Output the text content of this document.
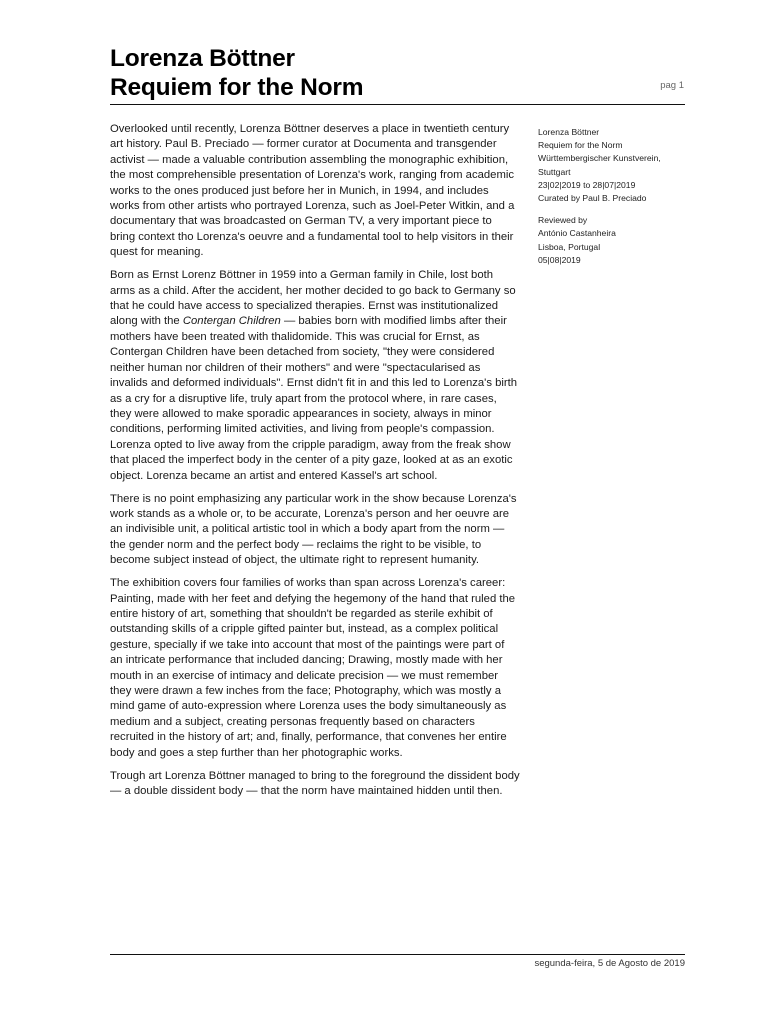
Lorenza Böttner
Requiem for the Norm	pag 1

Overlooked until recently, Lorenza Böttner deserves a place in twentieth century art history. Paul B. Preciado — former curator at Documenta and transgender activist — made a valuable contribution assembling the monographic exhibition, the most comprehensible presentation of Lorenza's work, ranging from academic works to the ones produced just before her in Munich, in 1994, and includes works from other artists who portrayed Lorenza, such as Joel-Peter Witkin, and a documentary that was broadcasted on German TV, a very important piece to bring context tho Lorenza's oeuvre and a fundamental tool to help visitors in their quest for meaning.

Born as Ernst Lorenz Böttner in 1959 into a German family in Chile, lost both arms as a child. After the accident, her mother decided to go back to Germany so that he could have access to specialized therapies. Ernst was institutionalized along with the Contergan Children — babies born with modified limbs after their mothers have been treated with thalidomide. This was crucial for Ernst, as Contergan Children have been detached from society, "they were considered neither human nor children of their mothers" and were "spectacularised as invalids and deformed individuals". Ernst didn't fit in and this led to Lorenza's birth as a cry for a disruptive life, truly apart from the protocol where, in rare cases, they were allowed to make sporadic appearances in society, always in minor conditions, performing limited activities, and living from people's compassion. Lorenza opted to live away from the cripple paradigm, away from the freak show that placed the imperfect body in the center of a pity gaze, looked at as an exotic object. Lorenza became an artist and entered Kassel's art school.

There is no point emphasizing any particular work in the show because Lorenza's work stands as a whole or, to be accurate, Lorenza's person and her oeuvre are an indivisible unit, a political artistic tool in which a body apart from the norm — the gender norm and the perfect body — reclaims the right to be visible, to become subject instead of object, the ultimate right to represent humanity.

The exhibition covers four families of works than span across Lorenza's career: Painting, made with her feet and defying the hegemony of the hand that ruled the entire history of art, something that shouldn't be regarded as sterile exhibit of outstanding skills of a cripple gifted painter but, instead, as a complex political gesture, specially if we take into account that most of the paintings were part of an intricate performance that included dancing; Drawing, mostly made with her mouth in an exercise of intimacy and delicate precision — we must remember they were drawn a few inches from the face; Photography, which was mostly a mind game of auto-expression where Lorenza uses the body simultaneously as medium and a subject, creating personas frequently based on characters recruited in the history of art; and, finally, performance, that convenes her entire body and goes a step further than her photographic works.

Trough art Lorenza Böttner managed to bring to the foreground the dissident body — a double dissident body — that the norm have maintained hidden until then.

Lorenza Böttner
Requiem for the Norm
Württembergischer Kunstverein,
Stuttgart
23|02|2019 to 28|07|2019
Curated by Paul B. Preciado
Reviewed by
António Castanheira
Lisboa, Portugal
05|08|2019
segunda-feira, 5 de Agosto de 2019
